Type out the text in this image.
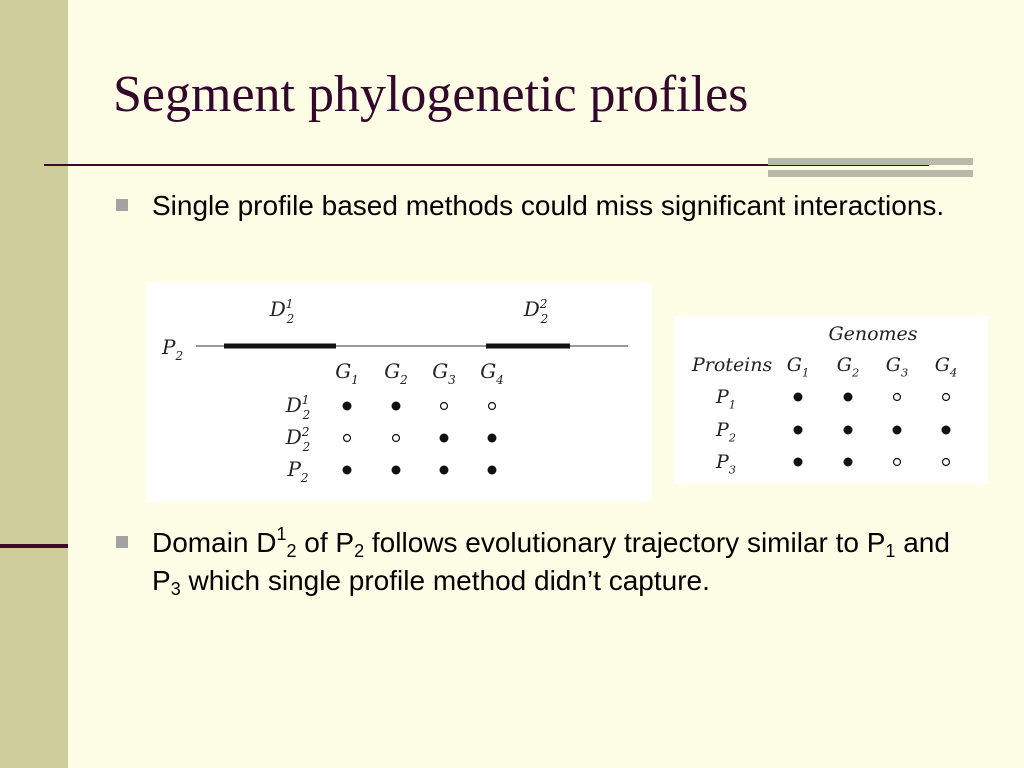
Segment phylogenetic profiles
Single profile based methods could miss significant interactions.
$P_2$
$D^1$ 2	$D^2$ 2
$G_1$ $G_2$ $G_3$ $G_4$
$D^1$ 2
$D^2$ 2
$P_2$
Genomes
Proteins $G_1$ $G_2$ $G_3$ $G_4$
$P_1$
$P_2$
$P_3$
Domain $D^1_2$ of $P_2$ follows evolutionary trajectory similar to $P_1$ and $P_3$ which single profile method didn’t capture.
